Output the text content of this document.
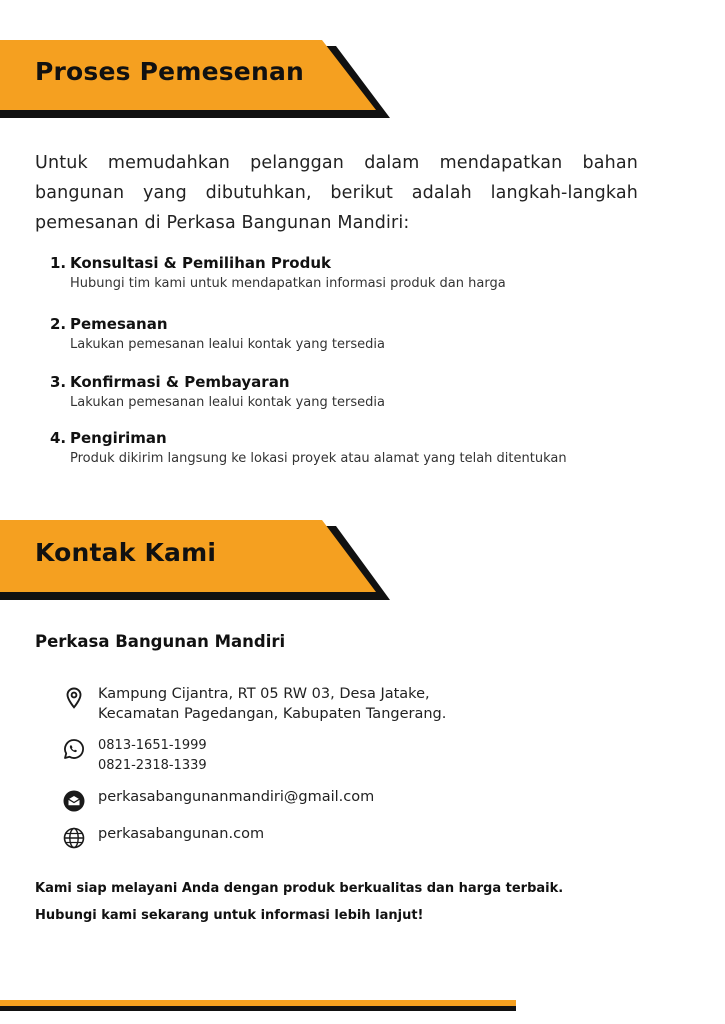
Proses Pemesenan

Untuk memudahkan pelanggan dalam mendapatkan bahan bangunan yang dibutuhkan, berikut adalah langkah-langkah pemesanan di Perkasa Bangunan Mandiri:

1. Konsultasi & Pemilihan Produk
Hubungi tim kami untuk mendapatkan informasi produk dan harga
2. Pemesanan
Lakukan pemesanan lealui kontak yang tersedia
3. Konfirmasi & Pembayaran
Lakukan pemesanan lealui kontak yang tersedia
4. Pengiriman
Produk dikirim langsung ke lokasi proyek atau alamat yang telah ditentukan
Kontak Kami
Perkasa Bangunan Mandiri
Kampung Cijantra, RT 05 RW 03, Desa Jatake,
Kecamatan Pagedangan, Kabupaten Tangerang.
0813-1651-1999
0821-2318-1339
perkasabangunanmandiri@gmail.com
perkasabangunan.com
Kami siap melayani Anda dengan produk berkualitas dan harga terbaik.
Hubungi kami sekarang untuk informasi lebih lanjut!
